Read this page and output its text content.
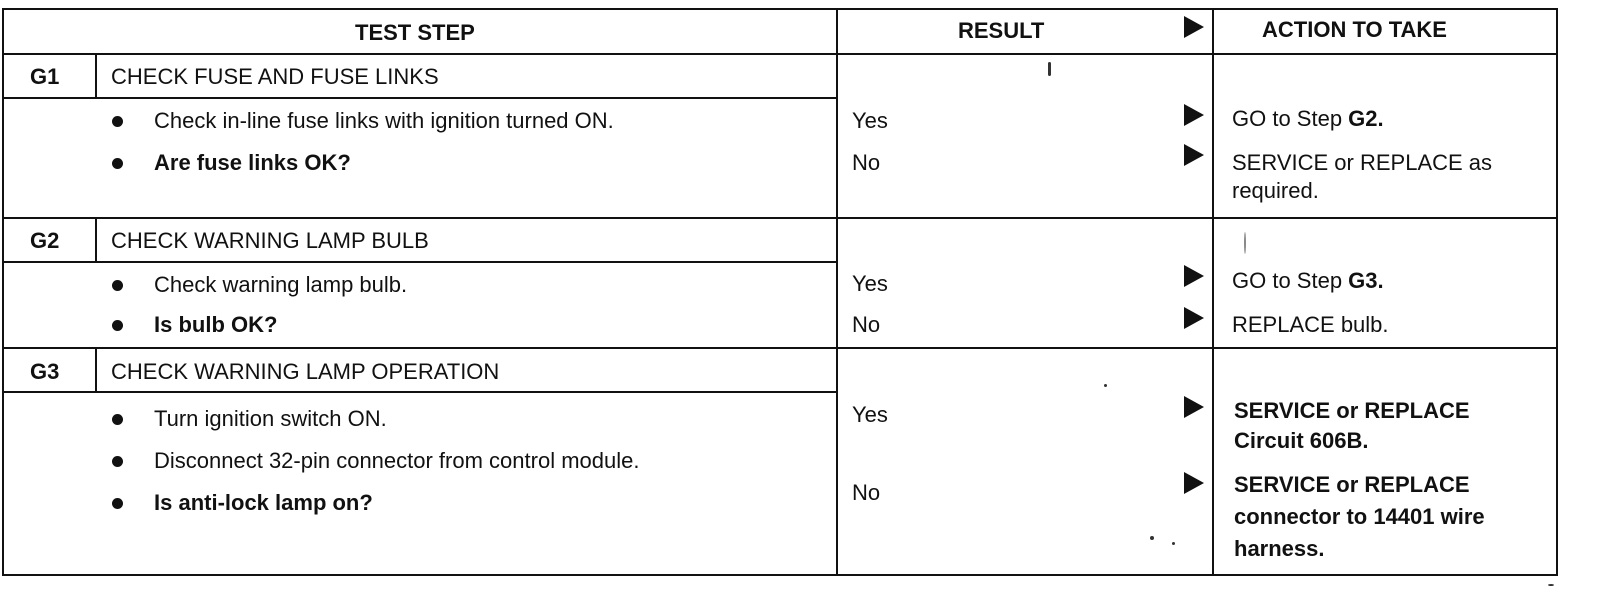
TEST STEP	RESULT	ACTION TO TAKE
G1 CHECK FUSE AND FUSE LINKS
Check in-line fuse links with ignition turned ON.
Are fuse links OK?
Yes	GO to Step G2.
No	SERVICE or REPLACE as
required.
G2 CHECK WARNING LAMP BULB
Check warning lamp bulb.
Is bulb OK?
Yes	GO to Step G3.
No	REPLACE bulb.
G3 CHECK WARNING LAMP OPERATION
Turn ignition switch ON.
Disconnect 32-pin connector from control module.
Is anti-lock lamp on?
Yes	SERVICE or REPLACE
Circuit 606B.
No	SERVICE or REPLACE
connector to 14401 wire
harness.
